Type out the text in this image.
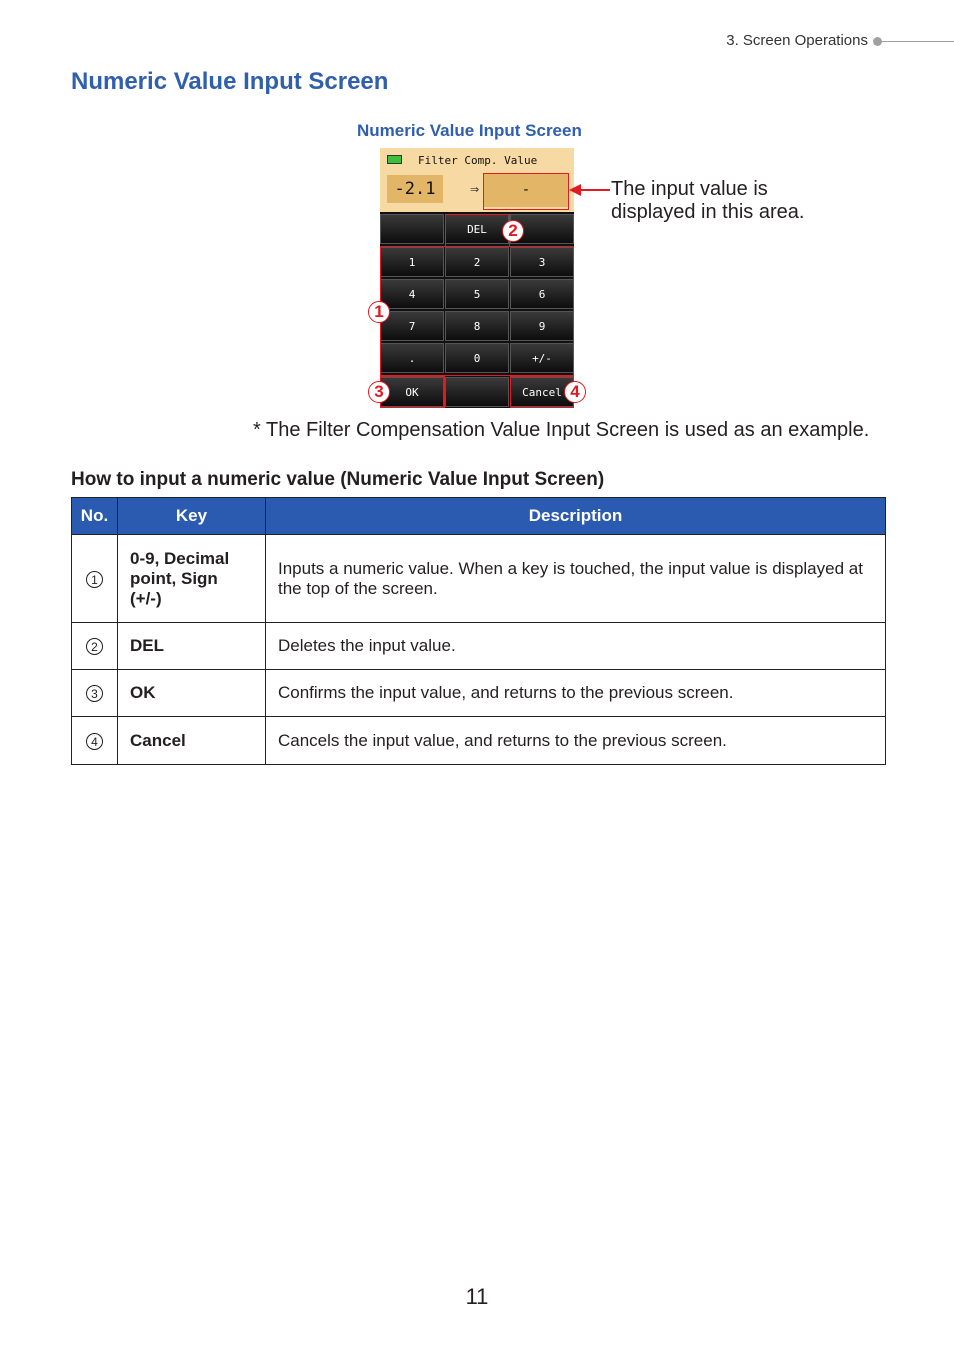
3. Screen Operations
Numeric Value Input Screen
Numeric Value Input Screen
Filter Comp. Value
-2.1	⇒	-
DEL
1	2	3
4	5	6
7	8	9
.	0	+/-
OK	Cancel
1
2
3	4
The input value is displayed in this area.
* The Filter Compensation Value Input Screen is used as an example.
How to input a numeric value (Numeric Value Input Screen)
No.	Key	Description
1	0-9, Decimal point, Sign (+/-)	Inputs a numeric value. When a key is touched, the input value is displayed at the top of the screen.
2	DEL	Deletes the input value.
3	OK	Confirms the input value, and returns to the previous screen.
4	Cancel	Cancels the input value, and returns to the previous screen.
11
